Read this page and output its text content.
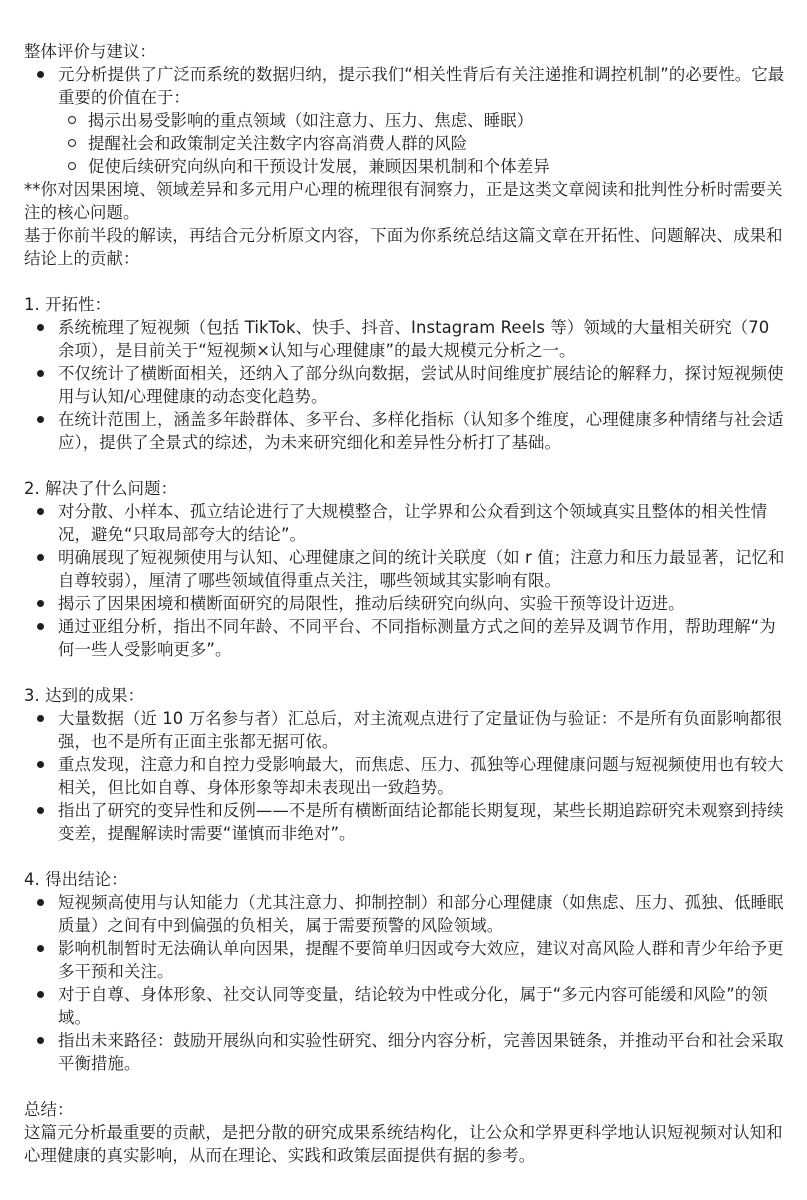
整体评价与建议：

元分析提供了广泛而系统的数据归纳，提示我们“相关性背后有关注递推和调控机制”的必要性。它最重要的价值在于：
揭示出易受影响的重点领域（如注意力、压力、焦虑、睡眠）
提醒社会和政策制定关注数字内容高消费人群的风险
促使后续研究向纵向和干预设计发展，兼顾因果机制和个体差异

**你对因果困境、领域差异和多元用户心理的梳理很有洞察力，正是这类文章阅读和批判性分析时需要关注的核心问题。

基于你前半段的解读，再结合元分析原文内容，下面为你系统总结这篇文章在开拓性、问题解决、成果和结论上的贡献：

1. 开拓性：

系统梳理了短视频（包括 TikTok、快手、抖音、Instagram Reels 等）领域的大量相关研究（70 余项），是目前关于“短视频×认知与心理健康”的最大规模元分析之一。
不仅统计了横断面相关，还纳入了部分纵向数据，尝试从时间维度扩展结论的解释力，探讨短视频使用与认知/心理健康的动态变化趋势。
在统计范围上，涵盖多年龄群体、多平台、多样化指标（认知多个维度，心理健康多种情绪与社会适应），提供了全景式的综述，为未来研究细化和差异性分析打了基础。

2. 解决了什么问题：

对分散、小样本、孤立结论进行了大规模整合，让学界和公众看到这个领域真实且整体的相关性情况，避免“只取局部夸大的结论”。
明确展现了短视频使用与认知、心理健康之间的统计关联度（如 r 值；注意力和压力最显著，记忆和自尊较弱），厘清了哪些领域值得重点关注，哪些领域其实影响有限。
揭示了因果困境和横断面研究的局限性，推动后续研究向纵向、实验干预等设计迈进。
通过亚组分析，指出不同年龄、不同平台、不同指标测量方式之间的差异及调节作用，帮助理解“为何一些人受影响更多”。

3. 达到的成果：

大量数据（近 10 万名参与者）汇总后，对主流观点进行了定量证伪与验证：不是所有负面影响都很强，也不是所有正面主张都无据可依。
重点发现，注意力和自控力受影响最大，而焦虑、压力、孤独等心理健康问题与短视频使用也有较大相关，但比如自尊、身体形象等却未表现出一致趋势。
指出了研究的变异性和反例——不是所有横断面结论都能长期复现，某些长期追踪研究未观察到持续变差，提醒解读时需要“谨慎而非绝对”。

4. 得出结论：

短视频高使用与认知能力（尤其注意力、抑制控制）和部分心理健康（如焦虑、压力、孤独、低睡眠质量）之间有中到偏强的负相关，属于需要预警的风险领域。
影响机制暂时无法确认单向因果，提醒不要简单归因或夸大效应，建议对高风险人群和青少年给予更多干预和关注。
对于自尊、身体形象、社交认同等变量，结论较为中性或分化，属于“多元内容可能缓和风险”的领域。
指出未来路径：鼓励开展纵向和实验性研究、细分内容分析，完善因果链条，并推动平台和社会采取平衡措施。

总结：

这篇元分析最重要的贡献，是把分散的研究成果系统结构化，让公众和学界更科学地认识短视频对认知和心理健康的真实影响，从而在理论、实践和政策层面提供有据的参考。
